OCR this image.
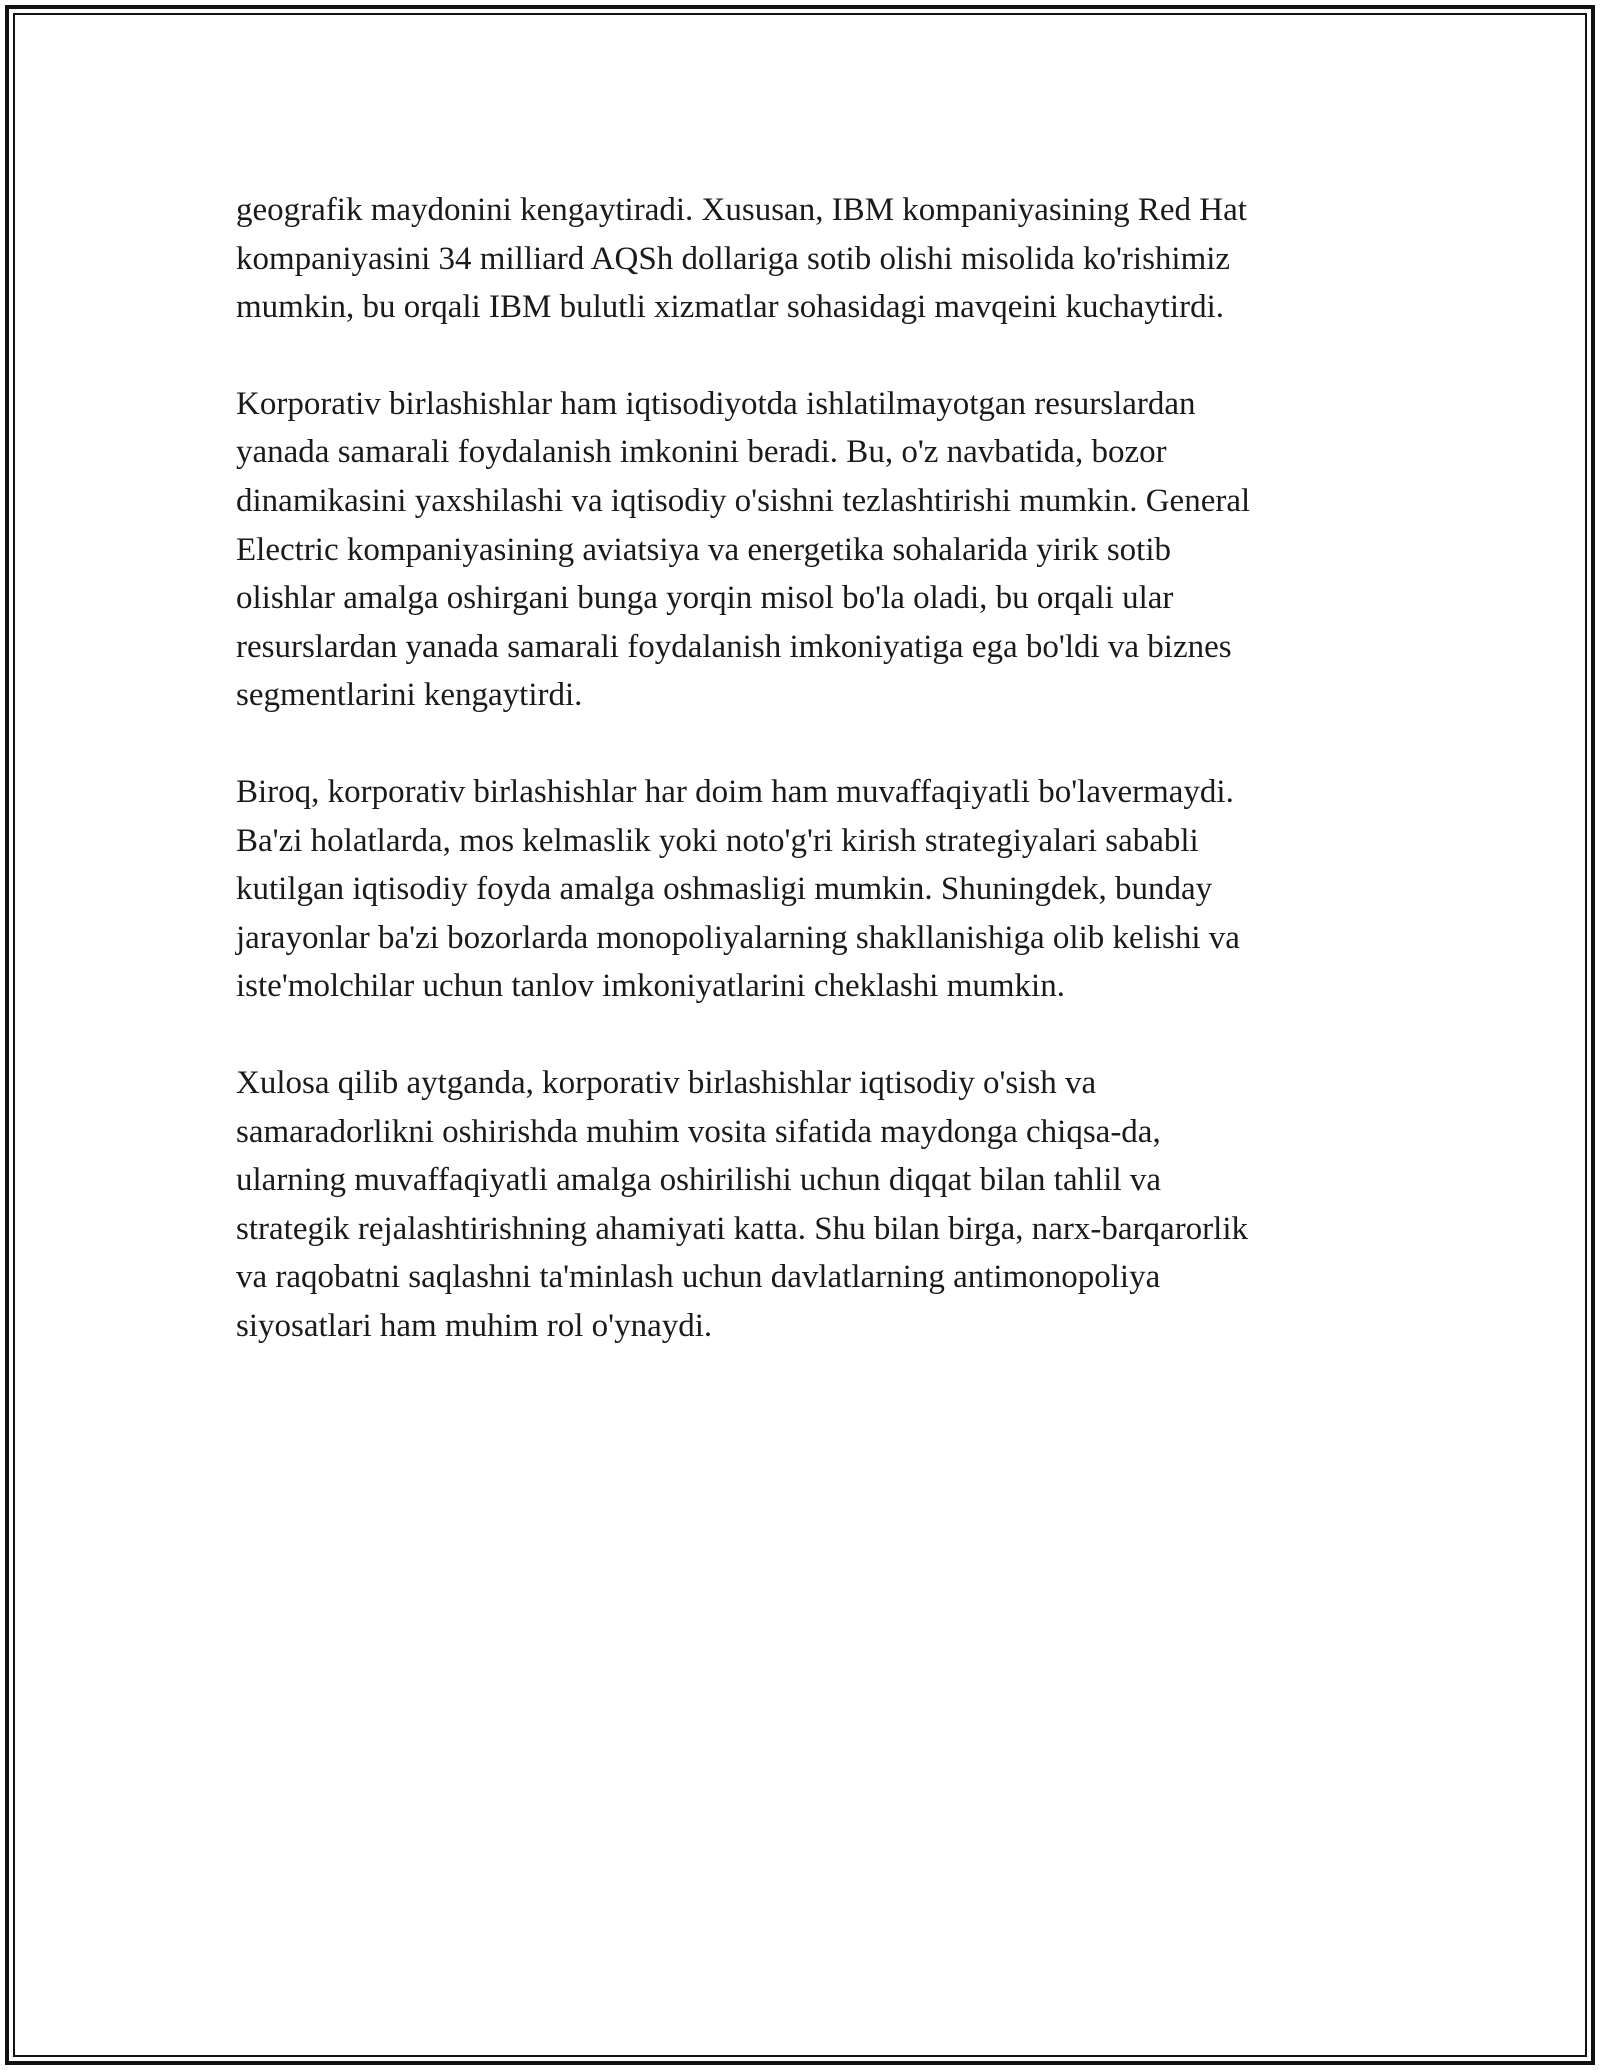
geografik maydonini kengaytiradi. Xususan, IBM kompaniyasining Red Hat
kompaniyasini 34 milliard AQSh dollariga sotib olishi misolida ko'rishimiz
mumkin, bu orqali IBM bulutli xizmatlar sohasidagi mavqeini kuchaytirdi.

Korporativ birlashishlar ham iqtisodiyotda ishlatilmayotgan resurslardan
yanada samarali foydalanish imkonini beradi. Bu, o'z navbatida, bozor
dinamikasini yaxshilashi va iqtisodiy o'sishni tezlashtirishi mumkin. General
Electric kompaniyasining aviatsiya va energetika sohalarida yirik sotib
olishlar amalga oshirgani bunga yorqin misol bo'la oladi, bu orqali ular
resurslardan yanada samarali foydalanish imkoniyatiga ega bo'ldi va biznes
segmentlarini kengaytirdi.

Biroq, korporativ birlashishlar har doim ham muvaffaqiyatli bo'lavermaydi.
Ba'zi holatlarda, mos kelmaslik yoki noto'g'ri kirish strategiyalari sababli
kutilgan iqtisodiy foyda amalga oshmasligi mumkin. Shuningdek, bunday
jarayonlar ba'zi bozorlarda monopoliyalarning shakllanishiga olib kelishi va
iste'molchilar uchun tanlov imkoniyatlarini cheklashi mumkin.

Xulosa qilib aytganda, korporativ birlashishlar iqtisodiy o'sish va
samaradorlikni oshirishda muhim vosita sifatida maydonga chiqsa-da,
ularning muvaffaqiyatli amalga oshirilishi uchun diqqat bilan tahlil va
strategik rejalashtirishning ahamiyati katta. Shu bilan birga, narx-barqarorlik
va raqobatni saqlashni ta'minlash uchun davlatlarning antimonopoliya
siyosatlari ham muhim rol o'ynaydi.
